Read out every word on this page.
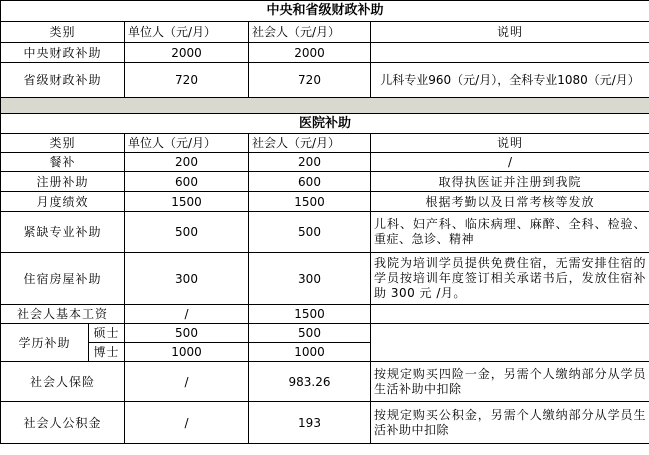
中央和省级财政补助				
类别		单位人（元/月）	社会人（元/月）	说明
中央财政补助		2000	2000	
省级财政补助		720	720	儿科专业960（元/月），全科专业1080（元/月）

医院补助				
类别		单位人（元/月）	社会人（元/月）	说明
餐补		200	200	/
注册补助		600	600	取得执医证并注册到我院
月度绩效		1500	1500	根据考勤以及日常考核等发放
紧缺专业补助		500	500	儿科、妇产科、临床病理、麻醉、全科、检验、重症、急诊、精神
住宿房屋补助		300	300	我院为培训学员提供免费住宿，无需安排住宿的学员按培训年度签订相关承诺书后，发放住宿补助 300 元 /月。
社会人基本工资		/	1500	
学历补助	硕士	500	500	
	博士	1000	1000	
社会人保险		/	983.26	按规定购买四险一金，另需个人缴纳部分从学员生活补助中扣除
社会人公积金		/	193	按规定购买公积金，另需个人缴纳部分从学员生活补助中扣除
